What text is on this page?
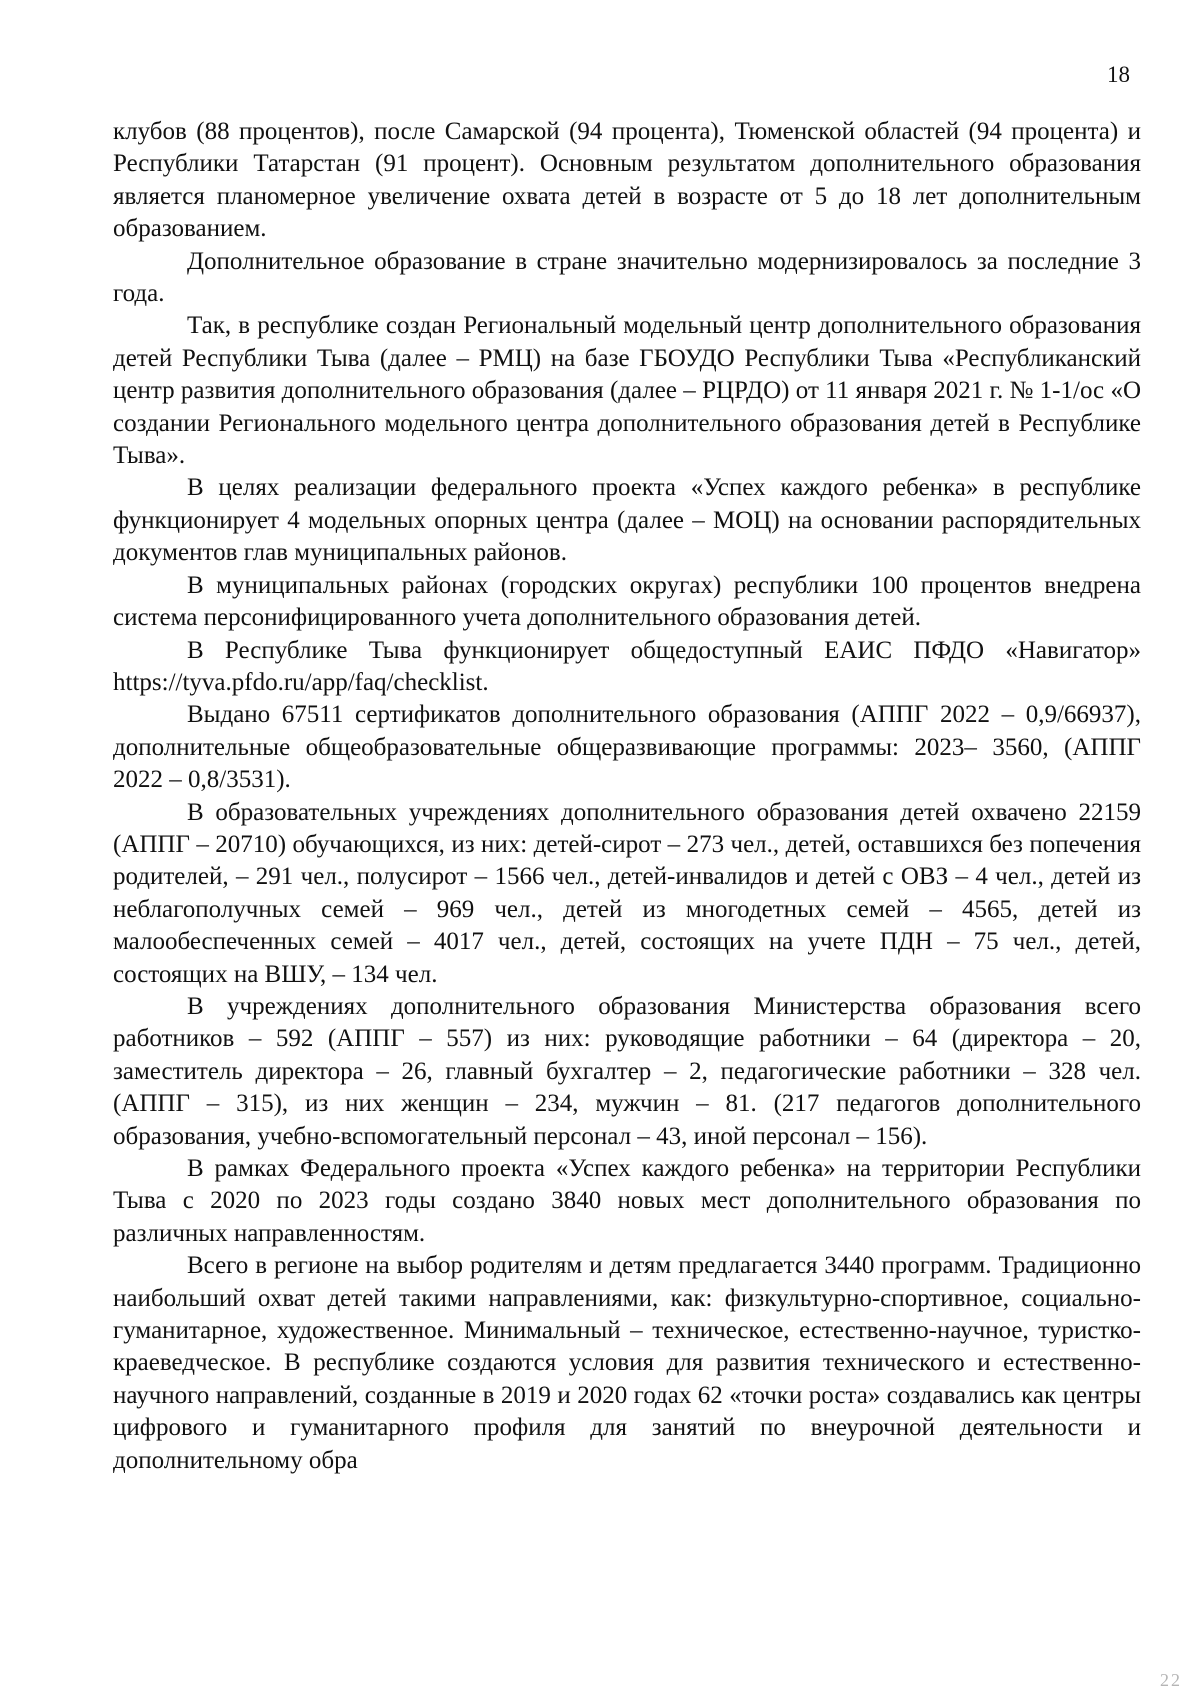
18

клубов (88 процентов), после Самарской (94 процента), Тюменской областей (94 процента) и Республики Татарстан (91 процент). Основным результатом дополнительного образования является планомерное увеличение охвата детей в возрасте от 5 до 18 лет дополнительным образованием.

Дополнительное образование в стране значительно модернизировалось за последние 3 года.

Так, в республике создан Региональный модельный центр дополнительного образования детей Республики Тыва (далее – РМЦ) на базе ГБОУДО Республики Тыва «Республиканский центр развития дополнительного образования (далее – РЦРДО) от 11 января 2021 г. № 1-1/ос «О создании Регионального модельного центра дополнительного образования детей в Республике Тыва».

В целях реализации федерального проекта «Успех каждого ребенка» в республике функционирует 4 модельных опорных центра (далее – МОЦ) на основании распорядительных документов глав муниципальных районов.

В муниципальных районах (городских округах) республики 100 процентов внедрена система персонифицированного учета дополнительного образования детей.

В Республике Тыва функционирует общедоступный ЕАИС ПФДО «Навигатор» https://tyva.pfdo.ru/app/faq/checklist.

Выдано 67511 сертификатов дополнительного образования (АППГ 2022 – 0,9/66937), дополнительные общеобразовательные общеразвивающие программы: 2023– 3560, (АППГ 2022 – 0,8/3531).

В образовательных учреждениях дополнительного образования детей охвачено 22159 (АППГ – 20710) обучающихся, из них: детей-сирот – 273 чел., детей, оставшихся без попечения родителей, – 291 чел., полусирот – 1566 чел., детей-инвалидов и детей с ОВЗ – 4 чел., детей из неблагополучных семей – 969 чел., детей из многодетных семей – 4565, детей из малообеспеченных семей – 4017 чел., детей, состоящих на учете ПДН – 75 чел., детей, состоящих на ВШУ, – 134 чел.

В учреждениях дополнительного образования Министерства образования всего работников – 592 (АППГ – 557) из них: руководящие работники – 64 (директора – 20, заместитель директора – 26, главный бухгалтер – 2, педагогические работники – 328 чел. (АППГ – 315), из них женщин – 234, мужчин – 81. (217 педагогов дополнительного образования, учебно-вспомогательный персонал – 43, иной персонал – 156).

В рамках Федерального проекта «Успех каждого ребенка» на территории Республики Тыва с 2020 по 2023 годы создано 3840 новых мест дополнительного образования по различных направленностям.

Всего в регионе на выбор родителям и детям предлагается 3440 программ. Традиционно наибольший охват детей такими направлениями, как: физкультурно-спортивное, социально-гуманитарное, художественное. Минимальный – техническое, естественно-научное, туристко-краеведческое. В республике создаются условия для развития технического и естественно-научного направлений, созданные в 2019 и 2020 годах 62 «точки роста» создавались как центры цифрового и гуманитарного профиля для занятий по внеурочной деятельности и дополнительному обра

22
